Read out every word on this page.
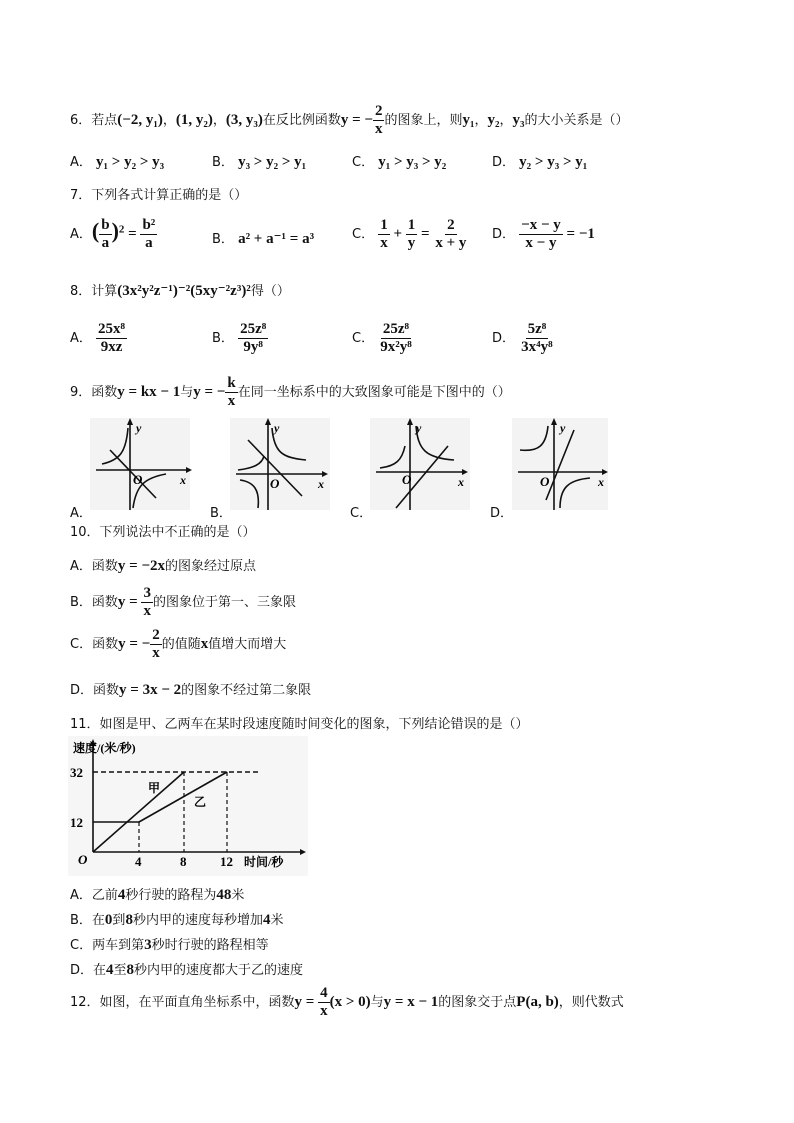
6．若点(−2, y₁)，(1, y₂)，(3, y₃)在反比例函数y = − $\frac{2}{x}$ 的图象上，则y₁，y₂，y₃的大小关系是（）
A． y₁ > y₂ > y₃	B． y₃ > y₂ > y₁	C． y₁ > y₃ > y₂	D． y₂ > y₃ > y₁
7．下列各式计算正确的是（）
A．( $\frac{b}{a} )^2 = \frac{\text{b²}}{a}$	B． a² + a⁻¹ = a³	C． $\frac{1}{x} + \frac{1}{y} = \frac{2}{x + y}$ D． $\frac{-x - y}{x - y} = -1$
8．计算(3x²y²z⁻¹)⁻²(5xy⁻²z³)²得（）
A． $\frac{\text{25x⁸}}{9xz}$	B． $\frac{\text{25z⁸}}{\text{9y⁸}}$	C． $\frac{\text{25z⁸}}{\text{9x²y⁸}}$	D． $\frac{\text{5z⁸}}{\text{3x⁴y⁸}}$
9．函数y = kx − 1与y = − $\frac{k}{x}$ 在同一坐标系中的大致图象可能是下图中的（）
y
x
O
A．
y
x
O
B．
y
x
O
C．
y
x
O
D．
10．下列说法中不正确的是（）
A．函数y = −2x的图象经过原点
B．函数$y = \frac{3}{x}$ 的图象位于第一、三象限
C．函数y = − $\frac{2}{x}$ 的值随x值增大而增大
D．函数y = 3x − 2的图象不经过第二象限
11．如图是甲、乙两车在某时段速度随时间变化的图象，下列结论错误的是（）
速度/(米/秒)
32
12
O	4	8	12 时间/秒
甲
乙
A．乙前4秒行驶的路程为48米
B．在0到8秒内甲的速度每秒增加4米
C．两车到第3秒时行驶的路程相等
D．在4至8秒内甲的速度都大于乙的速度
12．如图，在平面直角坐标系中，函数$y = \frac{4}{x} (x > 0)$与y = x − 1的图象交于点P(a, b)，则代数式
